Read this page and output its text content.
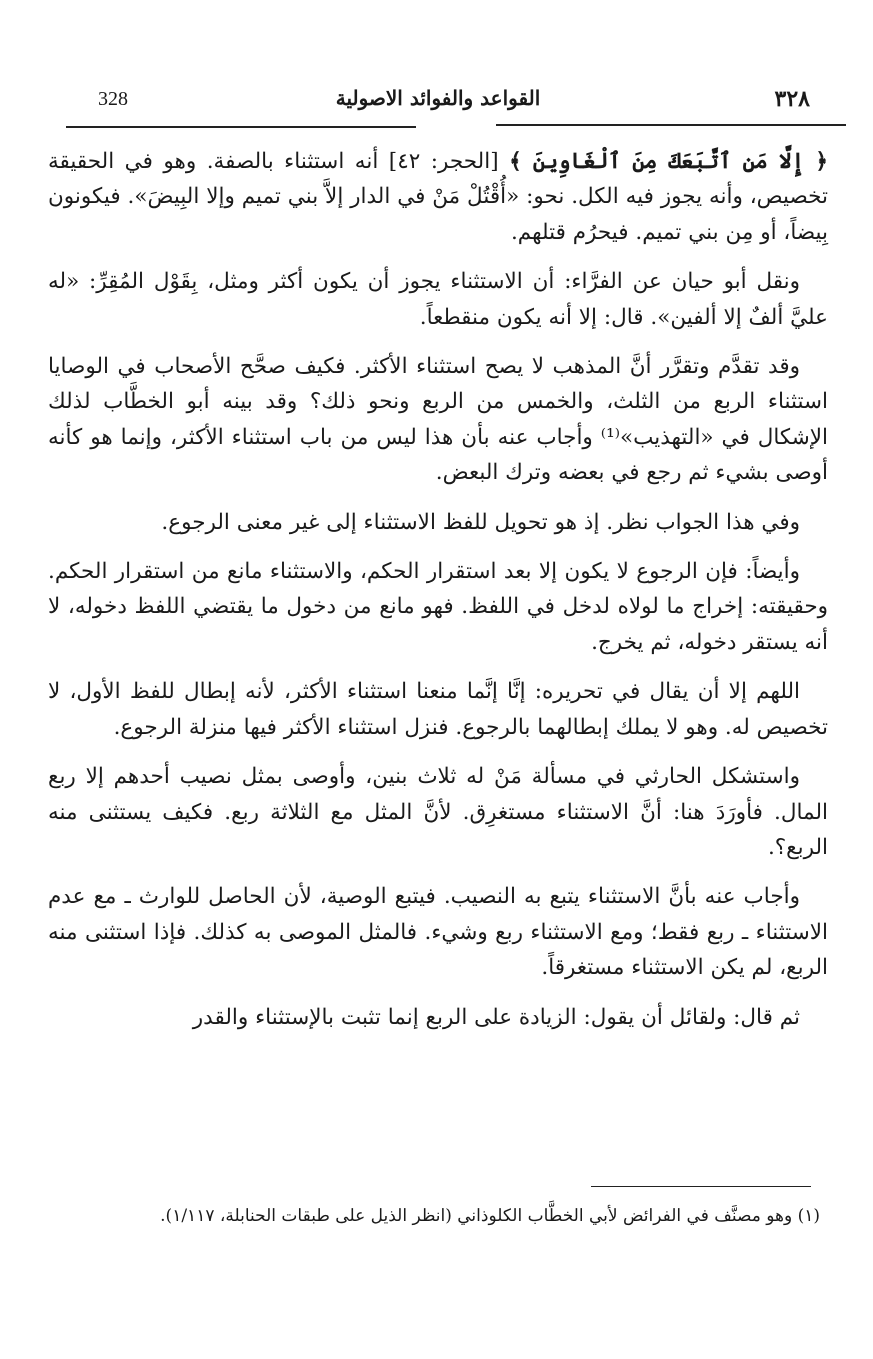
328	القواعد والفوائد الاصولية	٣٢٨

﴿ إِلَّا مَنِ ٱتَّبَعَكَ مِنَ ٱلْغَاوِينَ ﴾ [الحجر: ٤٢] أنه استثناء بالصفة. وهو في الحقيقة تخصيص، وأنه يجوز فيه الكل. نحو: «أُقْتُلْ مَنْ في الدار إلاَّ بني تميم وإلا البِيضَ». فيكونون بِيضاً، أو مِن بني تميم. فيحرُم قتلهم.

ونقل أبو حيان عن الفرَّاء: أن الاستثناء يجوز أن يكون أكثر ومثل، بِقَوْل المُقِرِّ: «له عليَّ ألفٌ إلا ألفين». قال: إلا أنه يكون منقطعاً.

وقد تقدَّم وتقرَّر أنَّ المذهب لا يصح استثناء الأكثر. فكيف صحَّح الأصحاب في الوصايا استثناء الربع من الثلث، والخمس من الربع ونحو ذلك؟ وقد بينه أبو الخطَّاب لذلك الإشكال في «التهذيب»⁽¹⁾ وأجاب عنه بأن هذا ليس من باب استثناء الأكثر، وإنما هو كأنه أوصى بشيء ثم رجع في بعضه وترك البعض.

وفي هذا الجواب نظر. إذ هو تحويل للفظ الاستثناء إلى غير معنى الرجوع.

وأيضاً: فإن الرجوع لا يكون إلا بعد استقرار الحكم، والاستثناء مانع من استقرار الحكم. وحقيقته: إخراج ما لولاه لدخل في اللفظ. فهو مانع من دخول ما يقتضي اللفظ دخوله، لا أنه يستقر دخوله، ثم يخرج.

اللهم إلا أن يقال في تحريره: إنَّا إنَّما منعنا استثناء الأكثر، لأنه إبطال للفظ الأول، لا تخصيص له. وهو لا يملك إبطالهما بالرجوع. فنزل استثناء الأكثر فيها منزلة الرجوع.

واستشكل الحارثي في مسألة مَنْ له ثلاث بنين، وأوصى بمثل نصيب أحدهم إلا ربع المال. فأورَدَ هنا: أنَّ الاستثناء مستغرِق. لأنَّ المثل مع الثلاثة ربع. فكيف يستثنى منه الربع؟.

وأجاب عنه بأنَّ الاستثناء يتبع به النصيب. فيتبع الوصية، لأن الحاصل للوارث ـ مع عدم الاستثناء ـ ربع فقط؛ ومع الاستثناء ربع وشيء. فالمثل الموصى به كذلك. فإذا استثنى منه الربع، لم يكن الاستثناء مستغرقاً.

ثم قال: ولقائل أن يقول: الزيادة على الربع إنما تثبت بالإستثناء والقدر

(١) وهو مصنَّف في الفرائض لأبي الخطَّاب الكلوذاني (انظر الذيل على طبقات الحنابلة، ١/١١٧).
